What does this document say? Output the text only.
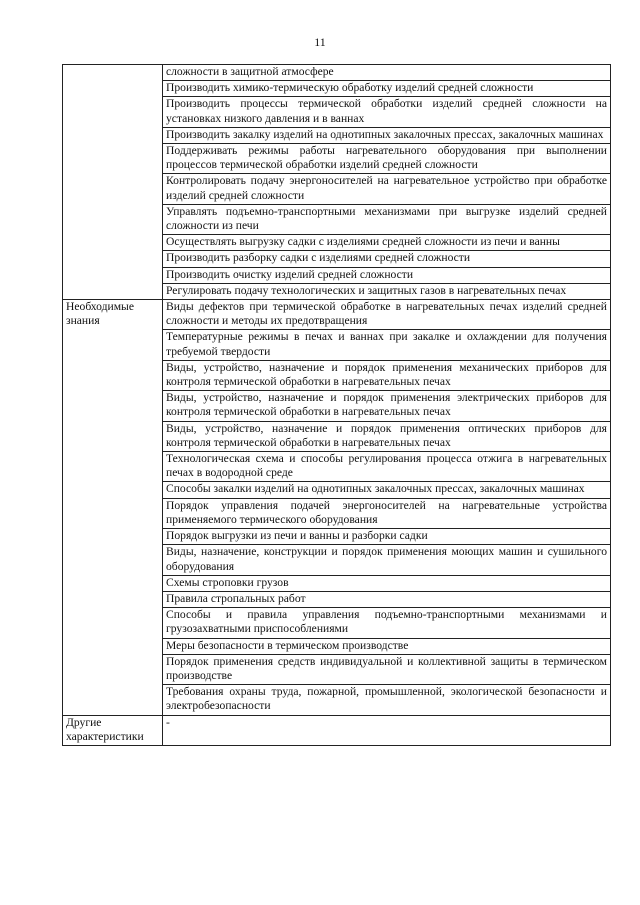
11
	сложности в защитной атмосфере
	Производить химико-термическую обработку изделий средней сложности
	Производить процессы термической обработки изделий средней сложности на установках низкого давления и в ваннах
	Производить закалку изделий на однотипных закалочных прессах, закалочных машинах
	Поддерживать режимы работы нагревательного оборудования при выполнении процессов термической обработки изделий средней сложности
	Контролировать подачу энергоносителей на нагревательное устройство при обработке изделий средней сложности
	Управлять подъемно-транспортными механизмами при выгрузке изделий средней сложности из печи
	Осуществлять выгрузку садки с изделиями средней сложности из печи и ванны
	Производить разборку садки с изделиями средней сложности
	Производить очистку изделий средней сложности
	Регулировать подачу технологических и защитных газов в нагревательных печах
Необходимые знания	Виды дефектов при термической обработке в нагревательных печах изделий средней сложности и методы их предотвращения
	Температурные режимы в печах и ваннах при закалке и охлаждении для получения требуемой твердости
	Виды, устройство, назначение и порядок применения механических приборов для контроля термической обработки в нагревательных печах
	Виды, устройство, назначение и порядок применения электрических приборов для контроля термической обработки в нагревательных печах
	Виды, устройство, назначение и порядок применения оптических приборов для контроля термической обработки в нагревательных печах
	Технологическая схема и способы регулирования процесса отжига в нагревательных печах в водородной среде
	Способы закалки изделий на однотипных закалочных прессах, закалочных машинах
	Порядок управления подачей энергоносителей на нагревательные устройства применяемого термического оборудования
	Порядок выгрузки из печи и ванны и разборки садки
	Виды, назначение, конструкции и порядок применения моющих машин и сушильного оборудования
	Схемы строповки грузов
	Правила стропальных работ
	Способы и правила управления подъемно-транспортными механизмами и грузозахватными приспособлениями
	Меры безопасности в термическом производстве
	Порядок применения средств индивидуальной и коллективной защиты в термическом производстве
	Требования охраны труда, пожарной, промышленной, экологической безопасности и электробезопасности
Другие характеристики	-
